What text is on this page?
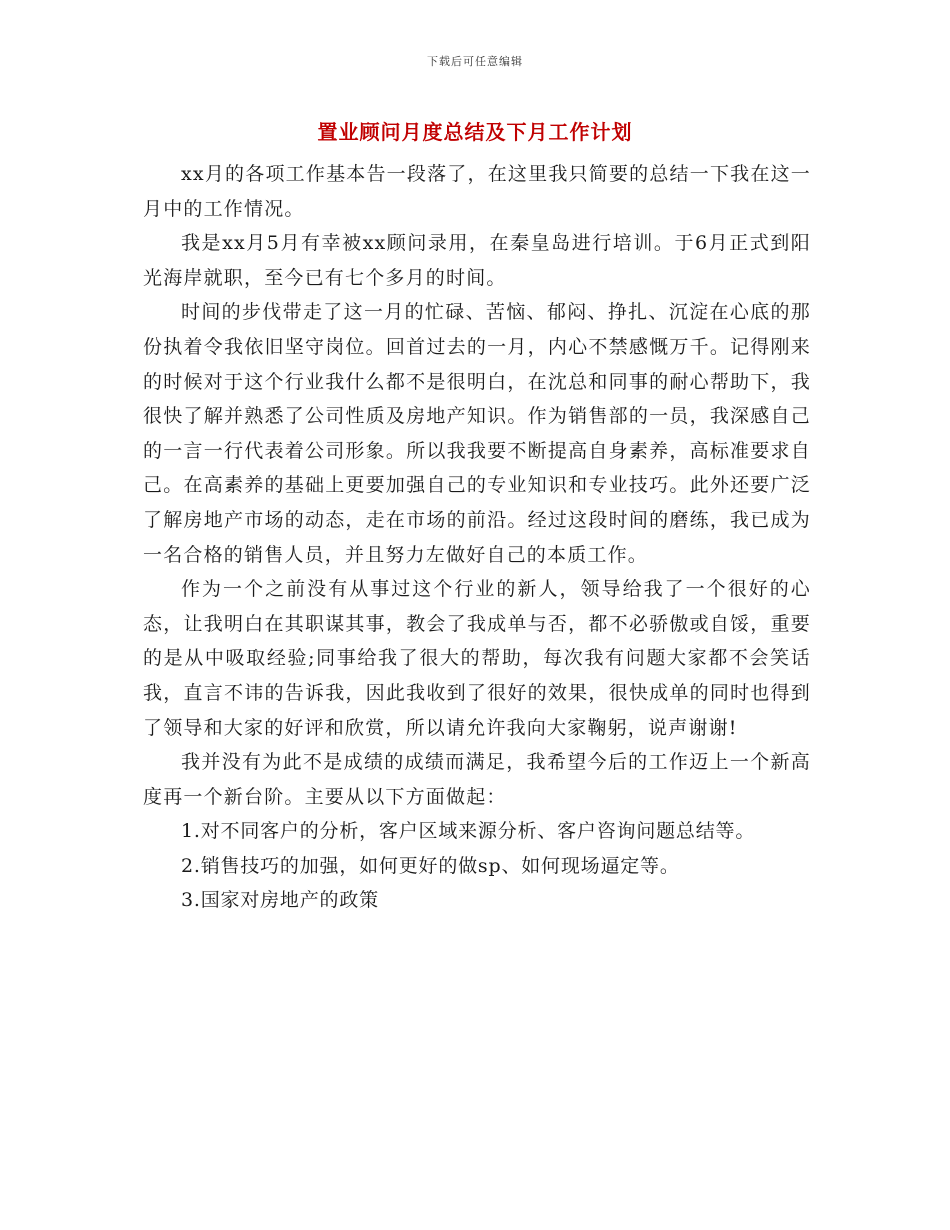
下载后可任意编辑
置业顾问月度总结及下月工作计划

xx月的各项工作基本告一段落了，在这里我只简要的总结一下我在这一月中的工作情况。

我是xx月5月有幸被xx顾问录用，在秦皇岛进行培训。于6月正式到阳光海岸就职，至今已有七个多月的时间。

时间的步伐带走了这一月的忙碌、苦恼、郁闷、挣扎、沉淀在心底的那份执着令我依旧坚守岗位。回首过去的一月，内心不禁感慨万千。记得刚来的时候对于这个行业我什么都不是很明白，在沈总和同事的耐心帮助下，我很快了解并熟悉了公司性质及房地产知识。作为销售部的一员，我深感自己的一言一行代表着公司形象。所以我我要不断提高自身素养，高标准要求自己。在高素养的基础上更要加强自己的专业知识和专业技巧。此外还要广泛了解房地产市场的动态，走在市场的前沿。经过这段时间的磨练，我已成为一名合格的销售人员，并且努力左做好自己的本质工作。

作为一个之前没有从事过这个行业的新人，领导给我了一个很好的心态，让我明白在其职谋其事，教会了我成单与否，都不必骄傲或自馁，重要的是从中吸取经验;同事给我了很大的帮助，每次我有问题大家都不会笑话我，直言不讳的告诉我，因此我收到了很好的效果，很快成单的同时也得到了领导和大家的好评和欣赏，所以请允许我向大家鞠躬，说声谢谢!

我并没有为此不是成绩的成绩而满足，我希望今后的工作迈上一个新高度再一个新台阶。主要从以下方面做起：

1.对不同客户的分析，客户区域来源分析、客户咨询问题总结等。

2.销售技巧的加强，如何更好的做sp、如何现场逼定等。

3.国家对房地产的政策
